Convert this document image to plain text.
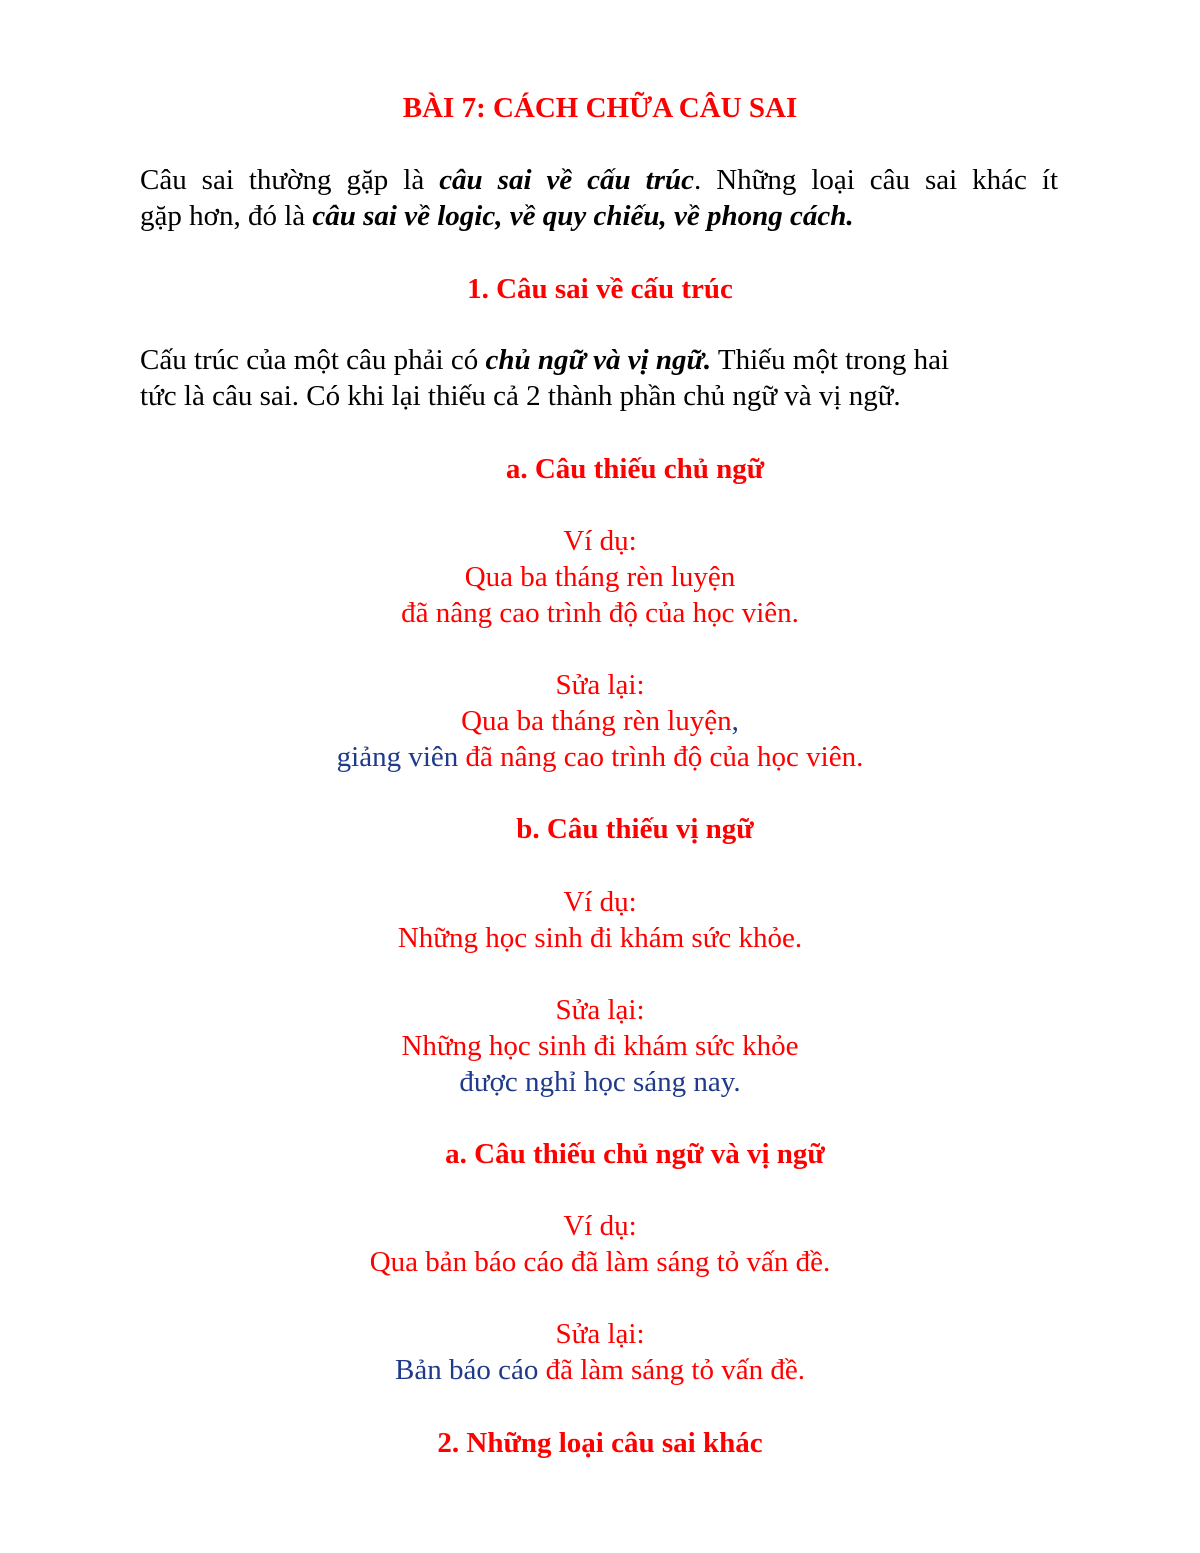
BÀI 7: CÁCH CHỮA CÂU SAI
Câu sai thường gặp là câu sai về cấu trúc. Những loại câu sai khác ít
gặp hơn, đó là câu sai về logic, về quy chiếu, về phong cách.
1. Câu sai về cấu trúc
Cấu trúc của một câu phải có chủ ngữ và vị ngữ. Thiếu một trong hai
tức là câu sai. Có khi lại thiếu cả 2 thành phần chủ ngữ và vị ngữ.
a. Câu thiếu chủ ngữ
Ví dụ:
Qua ba tháng rèn luyện
đã nâng cao trình độ của học viên.
Sửa lại:
Qua ba tháng rèn luyện,
giảng viên đã nâng cao trình độ của học viên.
b. Câu thiếu vị ngữ
Ví dụ:
Những học sinh đi khám sức khỏe.
Sửa lại:
Những học sinh đi khám sức khỏe
được nghỉ học sáng nay.
a. Câu thiếu chủ ngữ và vị ngữ
Ví dụ:
Qua bản báo cáo đã làm sáng tỏ vấn đề.
Sửa lại:
Bản báo cáo đã làm sáng tỏ vấn đề.
2. Những loại câu sai khác
